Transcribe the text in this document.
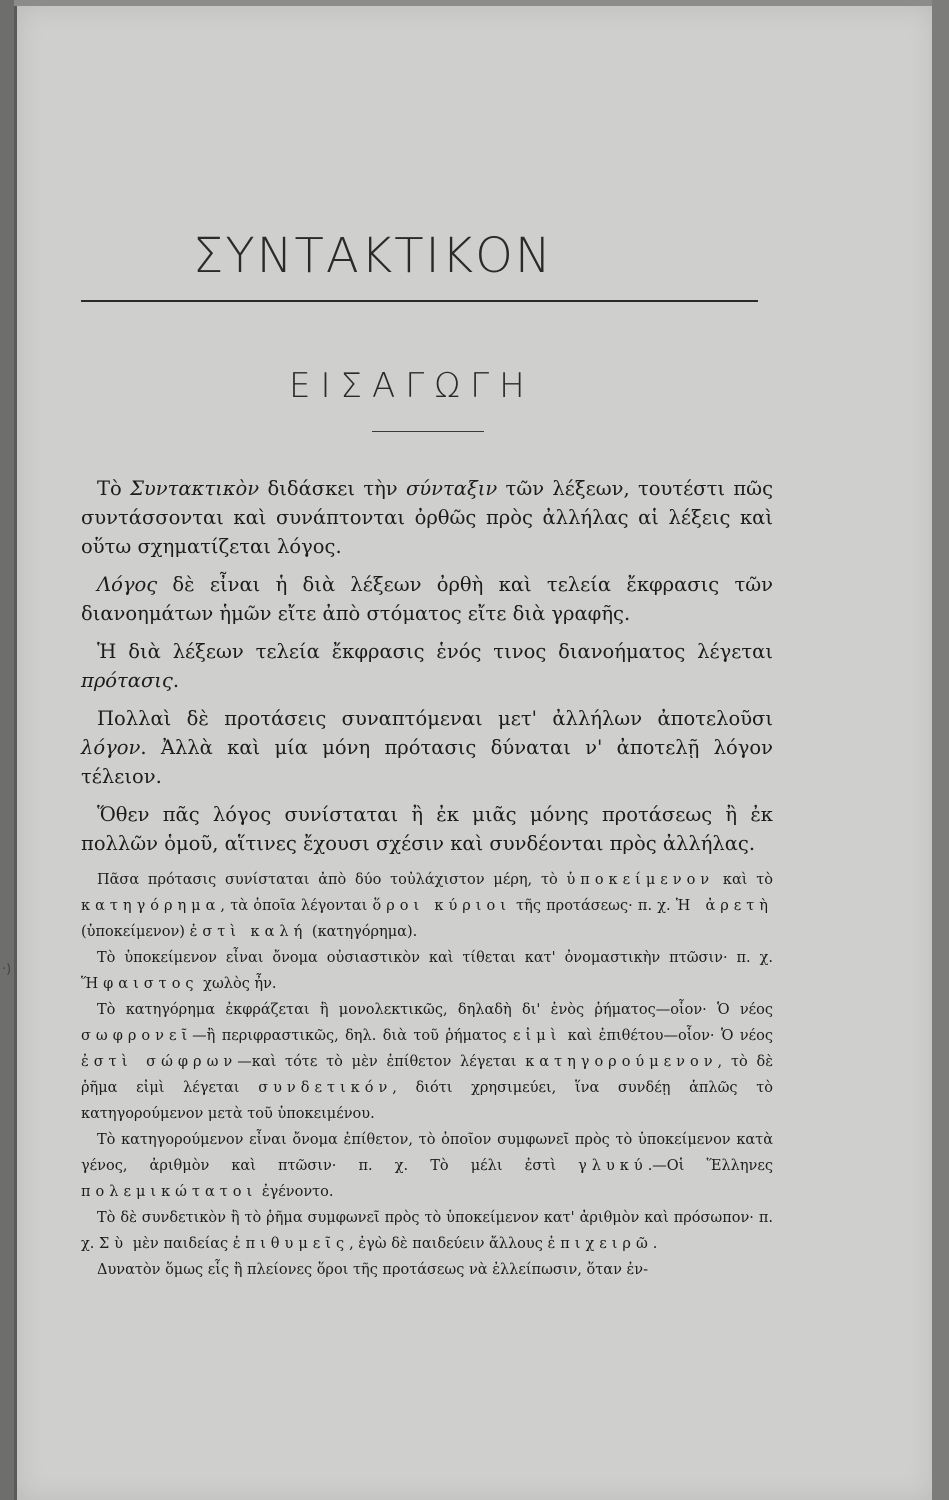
·)
ΣΥΝΤΑΚΤΙΚΟΝ
ΕΙΣΑΓΩΓΗ

Τὸ Συντακτικὸν διδάσκει τὴν σύνταξιν τῶν λέξεων, τουτέστι πῶς συντάσσονται καὶ συνάπτονται ὀρθῶς πρὸς ἀλλήλας αἱ λέξεις καὶ οὕτω σχηματίζεται λόγος.

Λόγος δὲ εἶναι ἡ διὰ λέξεων ὀρθὴ καὶ τελεία ἔκφρασις τῶν διανοημάτων ἡμῶν εἴτε ἀπὸ στόματος εἴτε διὰ γραφῆς.

Ἡ διὰ λέξεων τελεία ἔκφρασις ἑνός τινος διανοήματος λέγεται πρότασις.

Πολλαὶ δὲ προτάσεις συναπτόμεναι μετ' ἀλλήλων ἀποτελοῦσι λόγον. Ἀλλὰ καὶ μία μόνη πρότασις δύναται ν' ἀποτελῇ λόγον τέλειον.

Ὅθεν πᾶς λόγος συνίσταται ἢ ἐκ μιᾶς μόνης προτάσεως ἢ ἐκ πολλῶν ὁμοῦ, αἵτινες ἔχουσι σχέσιν καὶ συνδέονται πρὸς ἀλλήλας.

Πᾶσα πρότασις συνίσταται ἀπὸ δύο τοὐλάχιστον μέρη, τὸ ὑποκείμενον καὶ τὸ κατηγόρημα, τὰ ὁποῖα λέγονται ὅροι κύριοι τῆς προτάσεως· π. χ. Ἡ ἀρετὴ (ὑποκείμενον) ἐστὶ καλή (κατηγόρημα).

Τὸ ὑποκείμενον εἶναι ὄνομα οὐσιαστικὸν καὶ τίθεται κατ' ὀνομαστικὴν πτῶσιν· π. χ. Ἥφαιστος χωλὸς ἦν.

Τὸ κατηγόρημα ἐκφράζεται ἢ μονολεκτικῶς, δηλαδὴ δι' ἑνὸς ῥήματος—οἷον· Ὁ νέος σωφρονεῖ—ἢ περιφραστικῶς, δηλ. διὰ τοῦ ῥήματος εἰμὶ καὶ ἐπιθέτου—οἷον· Ὁ νέος ἐστὶ σώφρων—καὶ τότε τὸ μὲν ἐπίθετον λέγεται κατηγορούμενον, τὸ δὲ ῥῆμα εἰμὶ λέγεται συνδετικόν, διότι χρησιμεύει, ἵνα συνδέῃ ἁπλῶς τὸ κατηγορούμενον μετὰ τοῦ ὑποκειμένου.

Τὸ κατηγορούμενον εἶναι ὄνομα ἐπίθετον, τὸ ὁποῖον συμφωνεῖ πρὸς τὸ ὑποκείμενον κατὰ γένος, ἀριθμὸν καὶ πτῶσιν· π. χ. Τὸ μέλι ἐστὶ γλυκύ.—Οἱ Ἕλληνες πολεμικώτατοι ἐγένοντο.

Τὸ δὲ συνδετικὸν ἢ τὸ ῥῆμα συμφωνεῖ πρὸς τὸ ὑποκείμενον κατ' ἀριθμὸν καὶ πρόσωπον· π. χ. Σὺ μὲν παιδείας ἐπιθυμεῖς, ἐγὼ δὲ παιδεύειν ἄλλους ἐπιχειρῶ.

Δυνατὸν ὅμως εἷς ἢ πλείονες ὅροι τῆς προτάσεως νὰ ἐλλείπωσιν, ὅταν ἐν-
